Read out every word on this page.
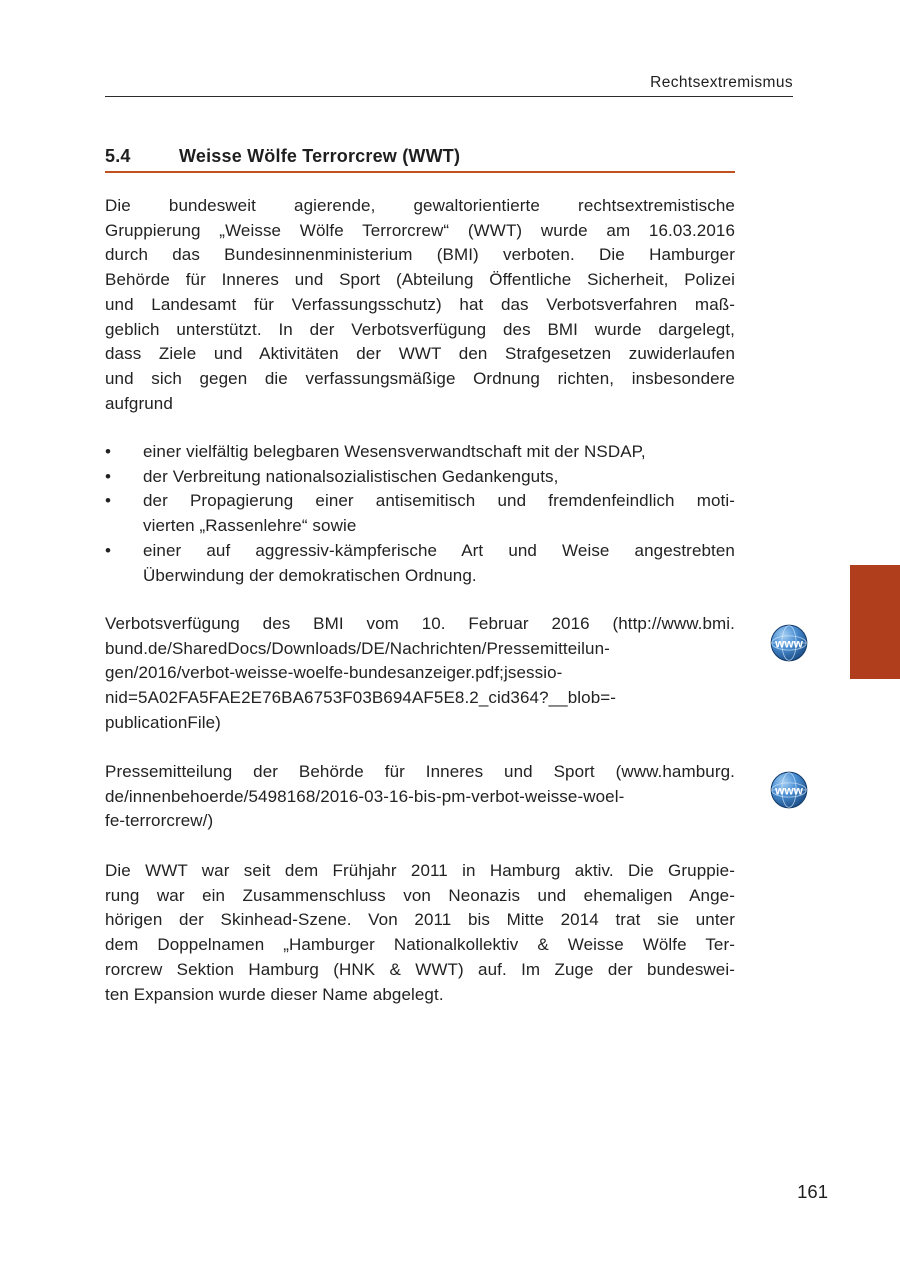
Rechtsextremismus
5.4	Weisse Wölfe Terrorcrew (WWT)
Die bundesweit agierende, gewaltorientierte rechtsextremistische
Gruppierung „Weisse Wölfe Terrorcrew“ (WWT) wurde am 16.03.2016
durch das Bundesinnenministerium (BMI) verboten. Die Hamburger
Behörde für Inneres und Sport (Abteilung Öffentliche Sicherheit, Polizei
und Landesamt für Verfassungsschutz) hat das Verbotsverfahren maß-
geblich unterstützt. In der Verbotsverfügung des BMI wurde dargelegt,
dass Ziele und Aktivitäten der WWT den Strafgesetzen zuwiderlaufen
und sich gegen die verfassungsmäßige Ordnung richten, insbesondere
aufgrund
•	einer vielfältig belegbaren Wesensverwandtschaft mit der NSDAP,
•	der Verbreitung nationalsozialistischen Gedankenguts,
•	der Propagierung einer antisemitisch und fremdenfeindlich moti-
vierten „Rassenlehre“ sowie
•	einer auf aggressiv-kämpferische Art und Weise angestrebten
Überwindung der demokratischen Ordnung.
Verbotsverfügung des BMI vom 10. Februar 2016 (http://www.bmi.
bund.de/SharedDocs/Downloads/DE/Nachrichten/Pressemitteilun-
gen/2016/verbot-weisse-woelfe-bundesanzeiger.pdf;jsessio-
nid=5A02FA5FAE2E76BA6753F03B694AF5E8.2_cid364?__blob=-
publicationFile)
www
Pressemitteilung der Behörde für Inneres und Sport (www.hamburg.
de/innenbehoerde/5498168/2016-03-16-bis-pm-verbot-weisse-woel-
fe-terrorcrew/)
www
Die WWT war seit dem Frühjahr 2011 in Hamburg aktiv. Die Gruppie-
rung war ein Zusammenschluss von Neonazis und ehemaligen Ange-
hörigen der Skinhead-Szene. Von 2011 bis Mitte 2014 trat sie unter
dem Doppelnamen „Hamburger Nationalkollektiv & Weisse Wölfe Ter-
rorcrew Sektion Hamburg (HNK & WWT) auf. Im Zuge der bundeswei-
ten Expansion wurde dieser Name abgelegt.
161
